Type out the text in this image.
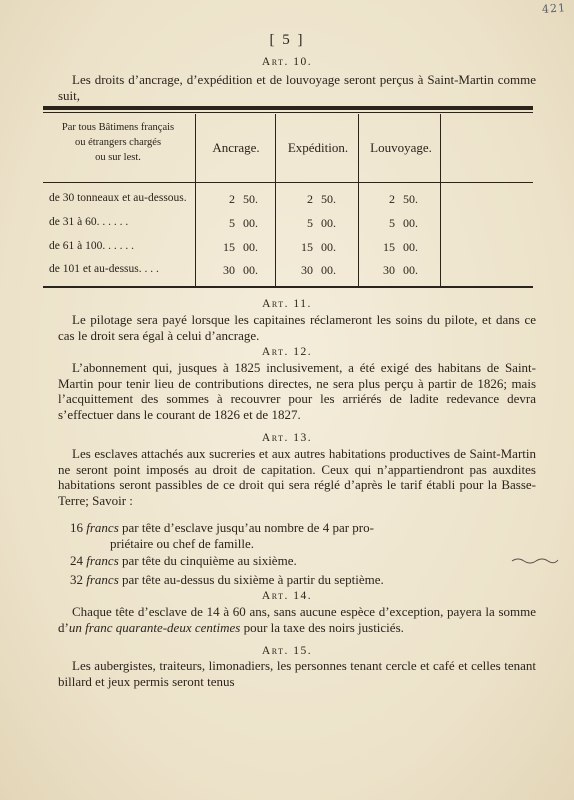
421
[ 5 ]
Art. 10.
Les droits d’ancrage, d’expédition et de louvoyage seront perçus à Saint-Martin comme suit,
Par tous Bâtimens français
ou étrangers chargés
ou sur lest.
Ancrage.	Expédition.	Louvoyage.
de 30 tonneaux et au-dessous.	2 50.	2 50.	2 50.
de 31 à 60. . . . . .	5 00.	5 00.	5 00.
de 61 à 100. . . . . .	15 00.	15 00.	15 00.
de 101 et au-dessus. . . .	30 00.	30 00.	30 00.
Art. 11.
Le pilotage sera payé lorsque les capitaines réclameront les soins du pilote, et dans ce cas le droit sera égal à celui d’ancrage.
Art. 12.
L’abonnement qui, jusques à 1825 inclusivement, a été exigé des habitans de Saint-Martin pour tenir lieu de contributions directes, ne sera plus perçu à partir de 1826; mais l’acquittement des sommes à recouvrer pour les arriérés de ladite redevance devra s’effectuer dans le courant de 1826 et de 1827.
Art. 13.
Les esclaves attachés aux sucreries et aux autres habitations productives de Saint-Martin ne seront point imposés au droit de capitation. Ceux qui n’appartiendront pas auxdites habitations seront passibles de ce droit qui sera réglé d’après le tarif établi pour la Basse-Terre; Savoir :
16 francs par tête d’esclave jusqu’au nombre de 4 par pro-
priétaire ou chef de famille.
24 francs par tête du cinquième au sixième.
32 francs par tête au-dessus du sixième à partir du septième.
Art. 14.
Chaque tête d’esclave de 14 à 60 ans, sans aucune espèce d’exception, payera la somme d’un franc quarante-deux centimes pour la taxe des noirs justiciés.
Art. 15.
Les aubergistes, traiteurs, limonadiers, les personnes tenant cercle et café et celles tenant billard et jeux permis seront tenus
